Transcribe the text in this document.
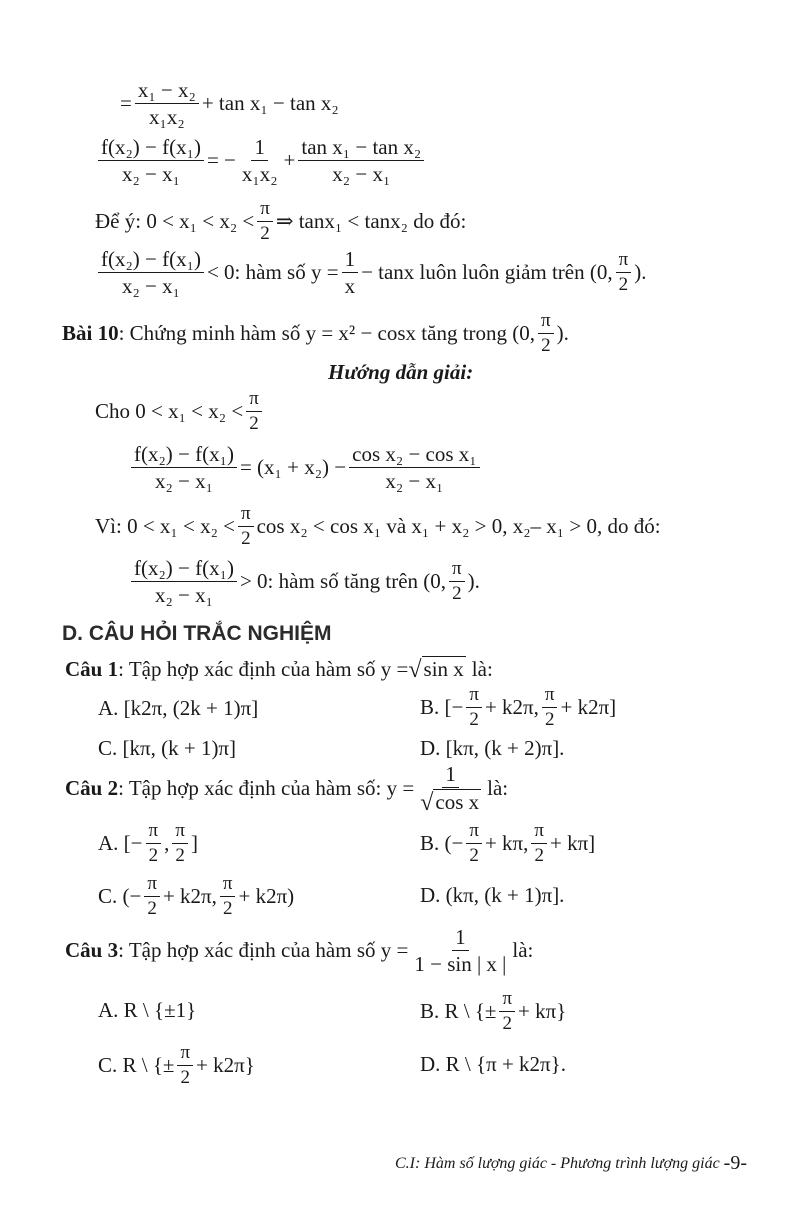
= $\frac{\text{x₁ − x₂}}{\text{x₁x₂}} + \tan x_1 - \tan x_2$
$\frac{\text{f(x₂) − f(x₁)}}{\text{x₂ − x₁}}$ = − $\frac{1}{\text{x₁x₂}} + \frac{\text{tan x₁ − tan x₂}}{\text{x₂ − x₁}}$
Để ý: $0 < x_1 < x_2 < \frac{\pi}{2}$ ⇒ tanx₁ < tanx₂ do đó:
$\frac{\text{f(x₂) − f(x₁)}}{\text{x₂ − x₁}} < 0$: hàm số $y = \frac{1}{x} - \tan x$ luôn luôn giảm trên (0, $\frac{\pi}{2}$ ).
Bài 10 : Chứng minh hàm số y = x² − cosx tăng trong (0, $\frac{\pi}{2}$ ).
Hướng dẫn giải:
Cho $0 < x_1 < x_2 < \frac{\pi}{2}$
$\frac{\text{f(x₂) − f(x₁)}}{\text{x₂ − x₁}} = (x_1 + x_2) - \frac{\text{cos x₂ − cos x₁}}{\text{x₂ − x₁}}$
Vì: $0 < x_1 < x_2 < \frac{\pi}{2}$ cos x₂ < cos x₁ và x₁ + x₂ > 0, x₂– x₁ > 0, do đó:
$\frac{\text{f(x₂) − f(x₁)}}{\text{x₂ − x₁}} > 0$: hàm số tăng trên (0, $\frac{\pi}{2}$ ).
D. CÂU HỎI TRẮC NGHIỆM
Câu 1 : Tập hợp xác định của hàm số y = √ sin x là:
A. [k2π, (2k + 1)π]	B. [− $\frac{\pi}{2} + k2\pi$, $\frac{\pi}{2} + k2\pi$]
C. [kπ, (k + 1)π]	D. [kπ, (k + 2)π].
Câu 2 : Tập hợp xác định của hàm số: $y = \frac{1}{\text{√ cos x}}$ là:
A. [− $\frac{\pi}{2}$ , $\frac{\pi}{2}$ ]	B. (− $\frac{\pi}{2} + k\pi$, $\frac{\pi}{2} + k\pi$]
C. (− $\frac{\pi}{2} + k2\pi$, $\frac{\pi}{2} + k2\pi$)	D. (kπ, (k + 1)π].
Câu 3 : Tập hợp xác định của hàm số $y = \frac{1}{1 - \sin | x |}$ là:
A. R \ {±1}	B. R \ {± $\frac{\pi}{2} + k\pi$}
C. R \ {± $\frac{\pi}{2} + k2\pi$}	D. R \ {π + k2π}.
C.I: Hàm số lượng giác - Phương trình lượng giác -9-
